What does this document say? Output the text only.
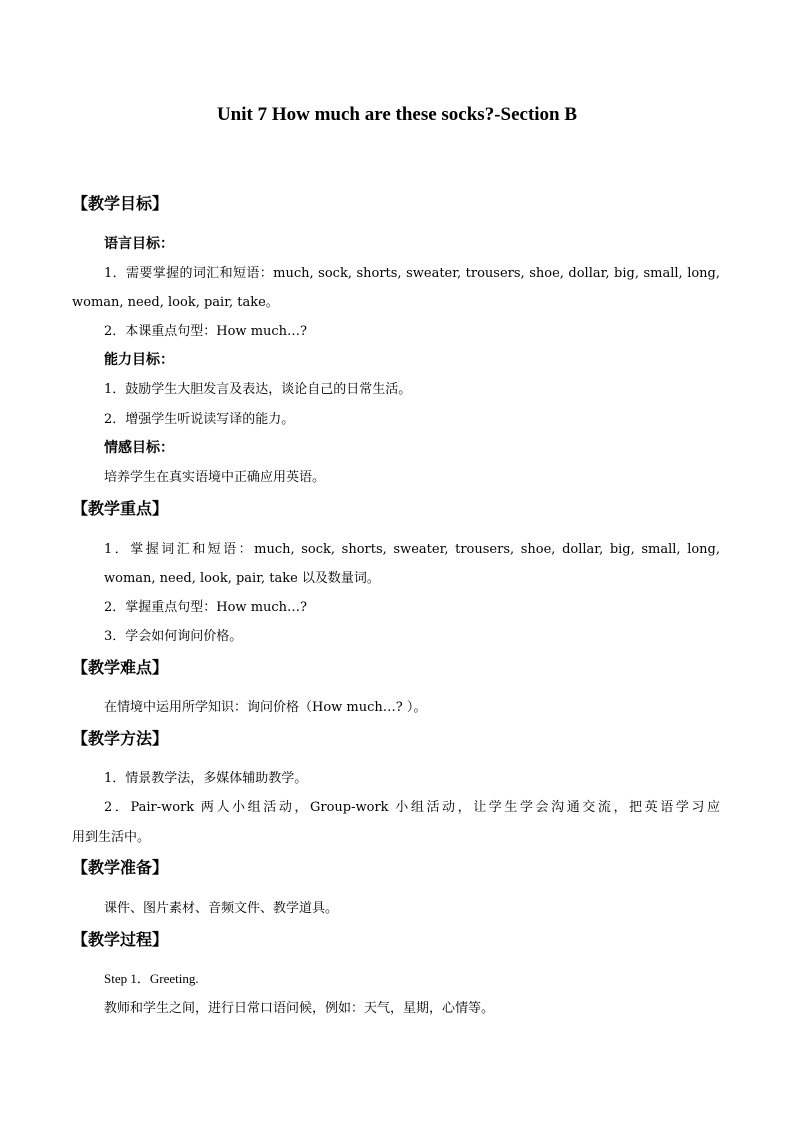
Unit 7 How much are these socks?-Section B
【教学目标】
语言目标：
1．需要掌握的词汇和短语：much, sock, shorts, sweater, trousers, shoe, dollar, big, small, long,
woman, need, look, pair, take。
2．本课重点句型：How much…?
能力目标：
1．鼓励学生大胆发言及表达，谈论自己的日常生活。
2．增强学生听说读写译的能力。
情感目标：
培养学生在真实语境中正确应用英语。
【教学重点】
1．掌握词汇和短语：much, sock, shorts, sweater, trousers, shoe, dollar, big, small, long,
woman, need, look, pair, take 以及数量词。
2．掌握重点句型：How much…?
3．学会如何询问价格。
【教学难点】
在情境中运用所学知识：询问价格（How much…? ）。
【教学方法】
1．情景教学法，多媒体辅助教学。
2．Pair-work 两人小组活动，Group-work 小组活动，让学生学会沟通交流，把英语学习应
用到生活中。
【教学准备】
课件、图片素材、音频文件、教学道具。
【教学过程】
Step 1．Greeting.
教师和学生之间，进行日常口语问候，例如：天气，星期，心情等。
